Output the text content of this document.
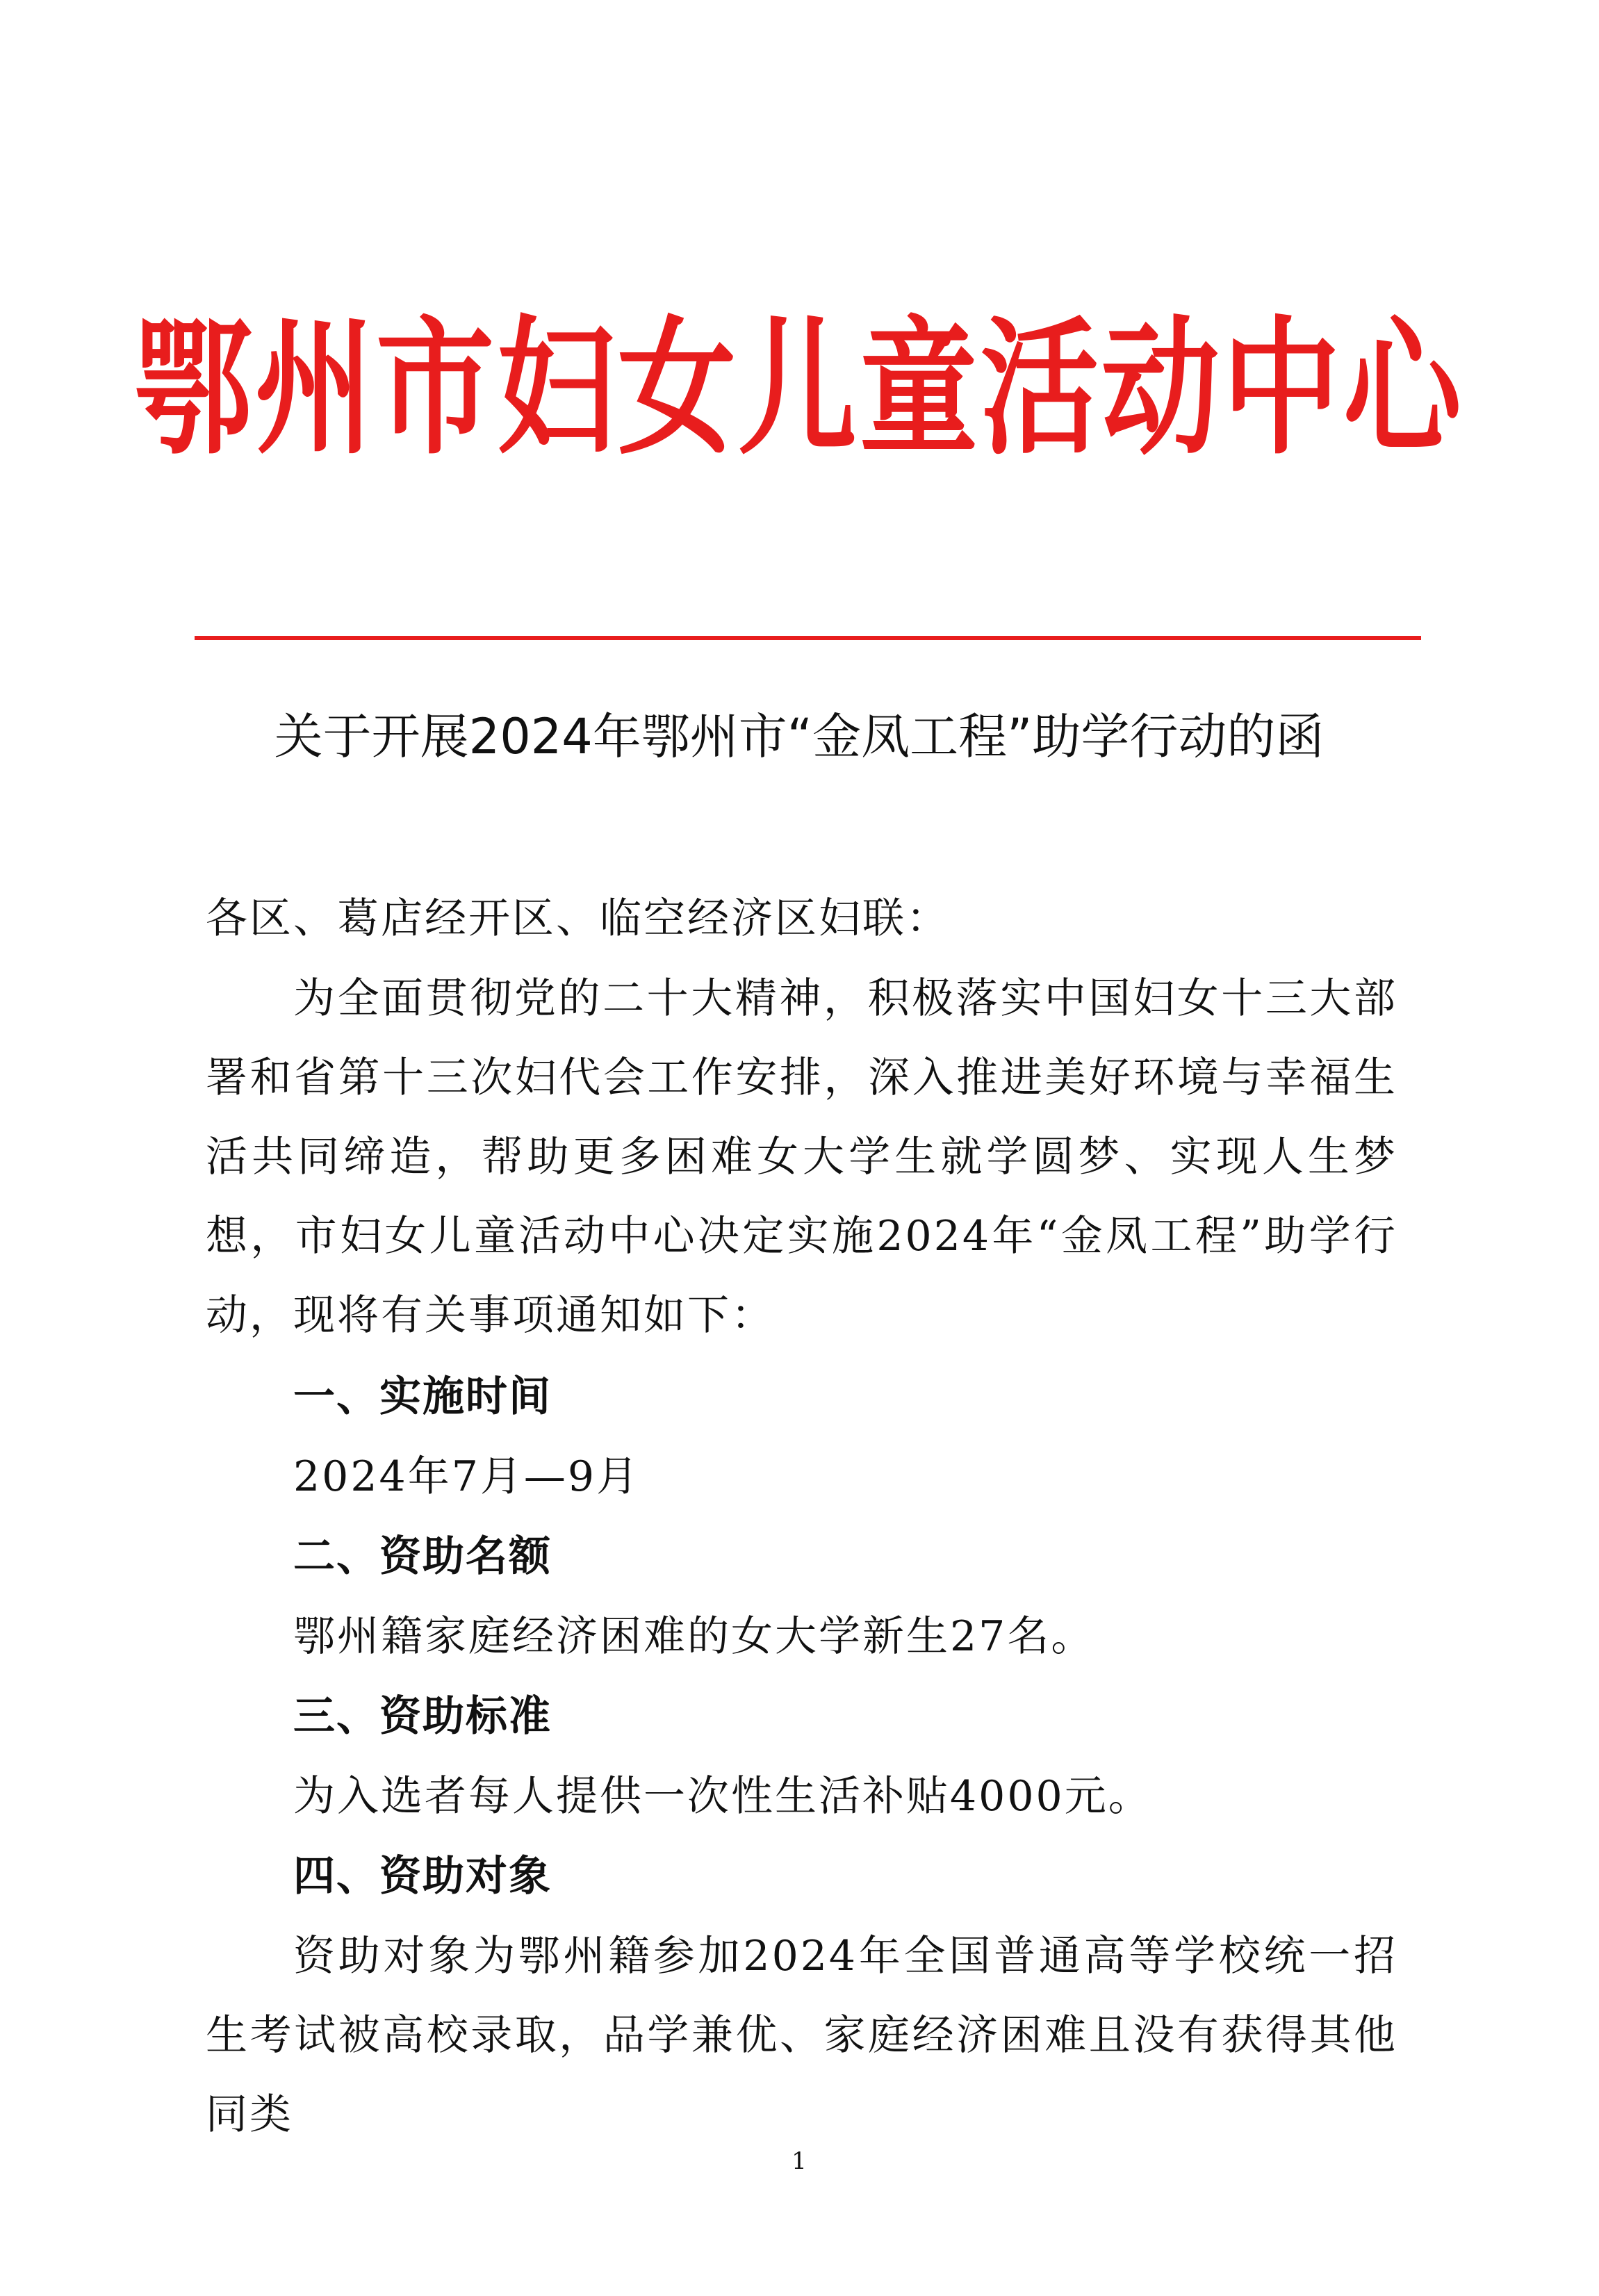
鄂州市妇女儿童活动中心
关于开展2024年鄂州市“金凤工程”助学行动的函
各区、葛店经开区、临空经济区妇联：
为全面贯彻党的二十大精神，积极落实中国妇女十三大部署和省第十三次妇代会工作安排，深入推进美好环境与幸福生活共同缔造，帮助更多困难女大学生就学圆梦、实现人生梦想，市妇女儿童活动中心决定实施2024年“金凤工程”助学行动，现将有关事项通知如下：
一、实施时间
2024年7月—9月
二、资助名额
鄂州籍家庭经济困难的女大学新生27名。
三、资助标准
为入选者每人提供一次性生活补贴4000元。
四、资助对象
资助对象为鄂州籍参加2024年全国普通高等学校统一招生考试被高校录取，品学兼优、家庭经济困难且没有获得其他同类
1
